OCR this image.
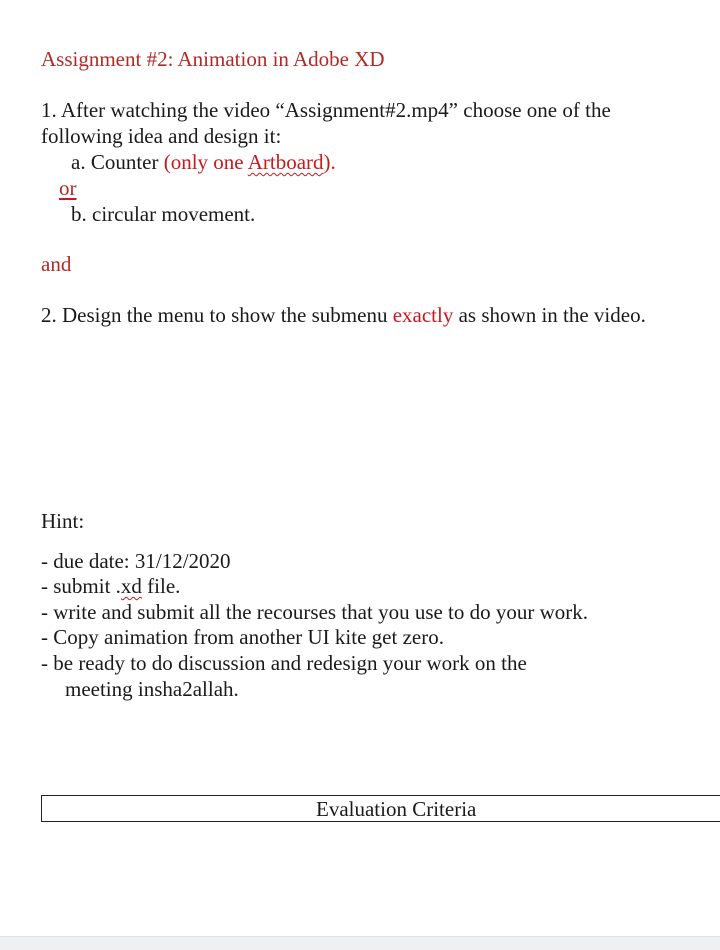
Assignment #2: Animation in Adobe XD
1. After watching the video “Assignment#2.mp4” choose one of the
following idea and design it:
a. Counter (only one Artboard).
or
b. circular movement.
and
2. Design the menu to show the submenu exactly as shown in the video.
Hint:
- due date: 31/12/2020
- submit .xd file.
- write and submit all the recourses that you use to do your work.
- Copy animation from another UI kite get zero.
- be ready to do discussion and redesign your work on the
meeting insha2allah.
Evaluation Criteria
